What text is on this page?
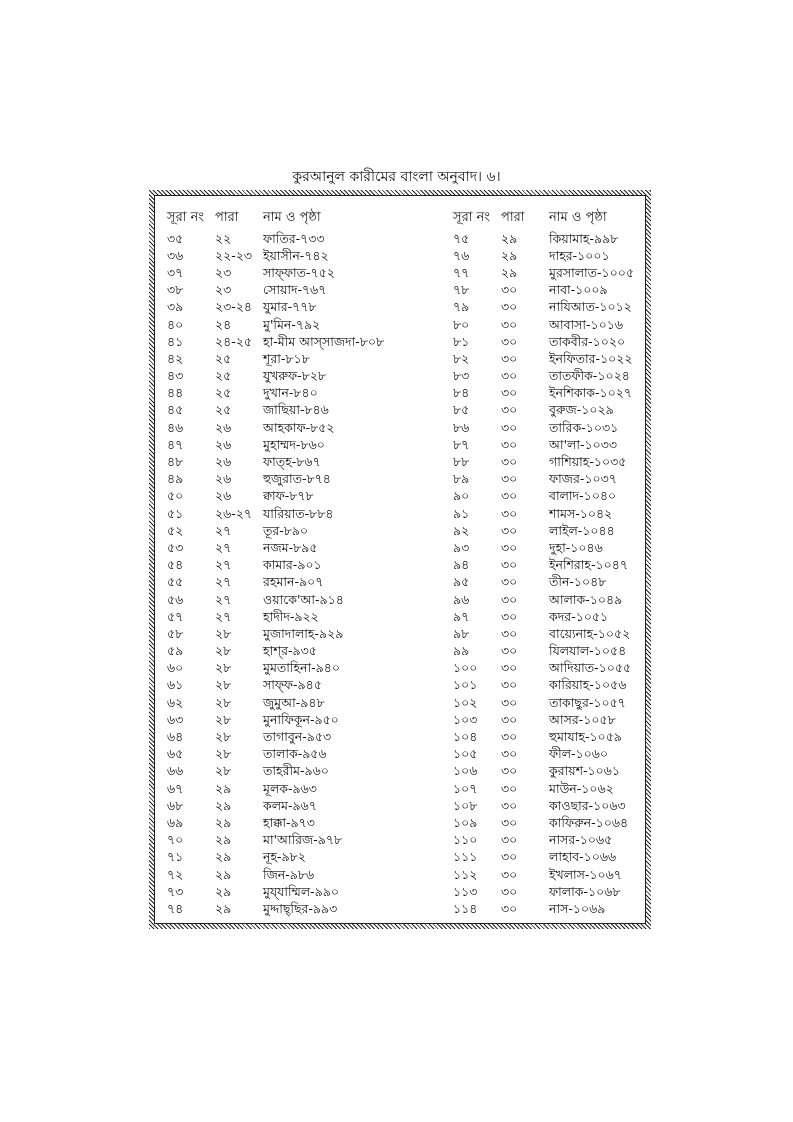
কুরআনুল কারীমের বাংলা অনুবাদ। ৬।
সূরা নং পারা	নাম ও পৃষ্ঠা
৩৫	২২	ফাতির-৭৩৩
৩৬	২২-২৩ ইয়াসীন-৭৪২
৩৭	২৩	সাফ্‌ফাত-৭৫২
৩৮	২৩	সোয়াদ-৭৬৭
৩৯	২৩-২৪ যুমার-৭৭৮
৪০	২৪	মু'মিন-৭৯২
৪১	২৪-২৫ হা-মীম আস্‌সাজদা-৮০৮
৪২	২৫	শূরা-৮১৮
৪৩	২৫	যুখরুফ-৮২৮
৪৪	২৫	দুখান-৮৪০
৪৫	২৫	জাছিয়া-৮৪৬
৪৬	২৬	আহকাফ-৮৫২
৪৭	২৬	মুহাম্মদ-৮৬০
৪৮	২৬	ফাত্‌হ-৮৬৭
৪৯	২৬	হুজুরাত-৮৭৪
৫০	২৬	ক্বাফ-৮৭৮
৫১	২৬-২৭ যারিয়াত-৮৮৪
৫২	২৭	তূর-৮৯০
৫৩	২৭	নজম-৮৯৫
৫৪	২৭	কামার-৯০১
৫৫	২৭	রহমান-৯০৭
৫৬	২৭	ওয়াকে'আ-৯১৪
৫৭	২৭	হাদীদ-৯২২
৫৮	২৮	মুজাদালাহ-৯২৯
৫৯	২৮	হাশ্‌র-৯৩৫
৬০	২৮	মুমতাহিনা-৯৪০
৬১	২৮	সাফ্‌ফ-৯৪৫
৬২	২৮	জুমুআ-৯৪৮
৬৩	২৮	মুনাফিকূন-৯৫০
৬৪	২৮	তাগাবুন-৯৫৩
৬৫	২৮	তালাক-৯৫৬
৬৬	২৮	তাহরীম-৯৬০
৬৭	২৯	মূলক-৯৬৩
৬৮	২৯	কলম-৯৬৭
৬৯	২৯	হাক্কা-৯৭৩
৭০	২৯	মা'আরিজ-৯৭৮
৭১	২৯	নূহ-৯৮২
৭২	২৯	জিন-৯৮৬
৭৩	২৯	মুয্‌যাম্মিল-৯৯০
৭৪	২৯	মুদ্দাছ্‌ছির-৯৯৩
সূরা নং পারা	নাম ও পৃষ্ঠা
৭৫	২৯	কিয়ামাহ-৯৯৮
৭৬	২৯	দাহর-১০০১
৭৭	২৯	মুরসালাত-১০০৫
৭৮	৩০	নাবা-১০০৯
৭৯	৩০	নাযিআত-১০১২
৮০	৩০	আবাসা-১০১৬
৮১	৩০	তাকবীর-১০২০
৮২	৩০	ইনফিতার-১০২২
৮৩	৩০	তাতফীক-১০২৪
৮৪	৩০	ইনশিকাক-১০২৭
৮৫	৩০	বুরুজ-১০২৯
৮৬	৩০	তারিক-১০৩১
৮৭	৩০	আ'লা-১০৩৩
৮৮	৩০	গাশিয়াহ-১০৩৫
৮৯	৩০	ফাজর-১০৩৭
৯০	৩০	বালাদ-১০৪০
৯১	৩০	শামস-১০৪২
৯২	৩০	লাইল-১০৪৪
৯৩	৩০	দুহা-১০৪৬
৯৪	৩০	ইনশিরাহ-১০৪৭
৯৫	৩০	তীন-১০৪৮
৯৬	৩০	আলাক-১০৪৯
৯৭	৩০	কদর-১০৫১
৯৮	৩০	বায়্যেনাহ-১০৫২
৯৯	৩০	যিলযাল-১০৫৪
১০০	৩০	আদিয়াত-১০৫৫
১০১	৩০	কারিয়াহ-১০৫৬
১০২	৩০	তাকাছুর-১০৫৭
১০৩	৩০	আসর-১০৫৮
১০৪	৩০	হুমাযাহ-১০৫৯
১০৫	৩০	ফীল-১০৬০
১০৬	৩০	কুরায়শ-১০৬১
১০৭	৩০	মাউন-১০৬২
১০৮	৩০	কাওছার-১০৬৩
১০৯	৩০	কাফিরুন-১০৬৪
১১০	৩০	নাসর-১০৬৫
১১১	৩০	লাহাব-১০৬৬
১১২	৩০	ইখলাস-১০৬৭
১১৩	৩০	ফালাক-১০৬৮
১১৪	৩০	নাস-১০৬৯
